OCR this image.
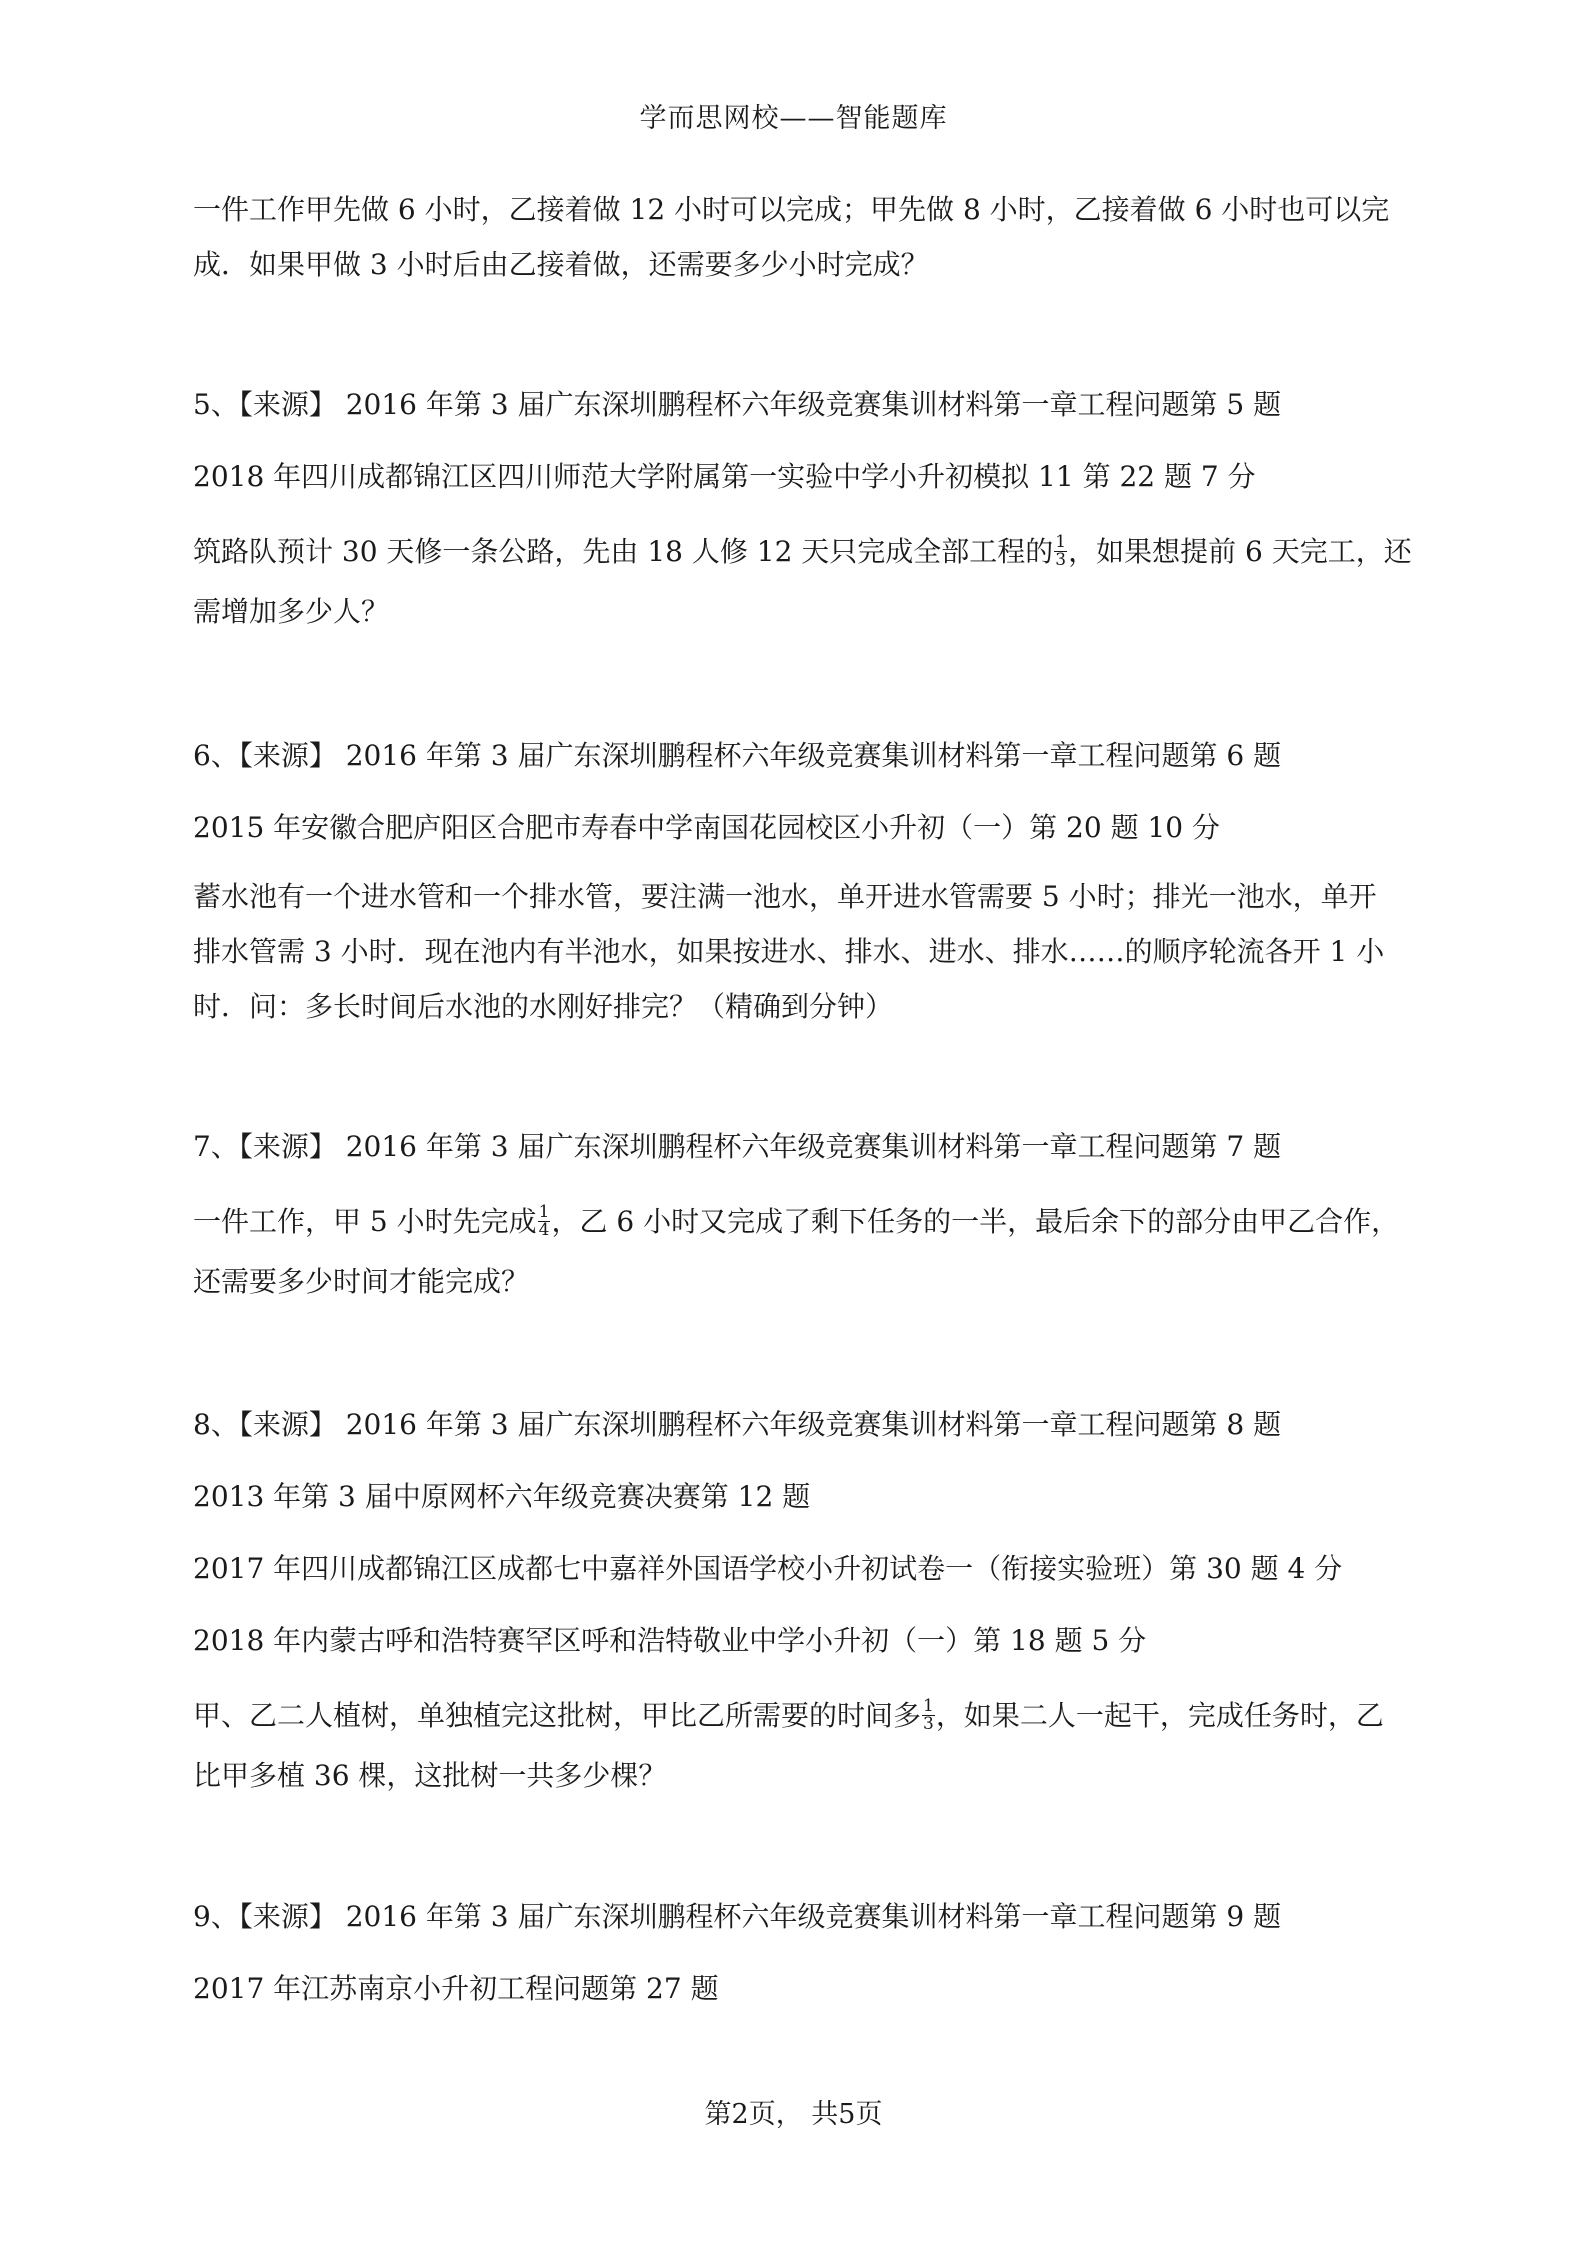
学而思网校——智能题库
一件工作甲先做 6 小时，乙接着做 12 小时可以完成；甲先做 8 小时，乙接着做 6 小时也可以完
成．如果甲做 3 小时后由乙接着做，还需要多少小时完成？
5、【来源】 2016 年第 3 届广东深圳鹏程杯六年级竞赛集训材料第一章工程问题第 5 题
2018 年四川成都锦江区四川师范大学附属第一实验中学小升初模拟 11 第 22 题 7 分
筑路队预计 30 天修一条公路，先由 18 人修 12 天只完成全部工程的 $\frac{1}{3}$ ，如果想提前 6 天完工，还
需增加多少人？
6、【来源】 2016 年第 3 届广东深圳鹏程杯六年级竞赛集训材料第一章工程问题第 6 题
2015 年安徽合肥庐阳区合肥市寿春中学南国花园校区小升初（一）第 20 题 10 分
蓄水池有一个进水管和一个排水管，要注满一池水，单开进水管需要 5 小时；排光一池水，单开
排水管需 3 小时．现在池内有半池水，如果按进水、排水、进水、排水……的顺序轮流各开 1 小
时．问：多长时间后水池的水刚好排完？（精确到分钟）
7、【来源】 2016 年第 3 届广东深圳鹏程杯六年级竞赛集训材料第一章工程问题第 7 题
一件工作，甲 5 小时先完成 $\frac{1}{4}$ ，乙 6 小时又完成了剩下任务的一半，最后余下的部分由甲乙合作，
还需要多少时间才能完成？
8、【来源】 2016 年第 3 届广东深圳鹏程杯六年级竞赛集训材料第一章工程问题第 8 题
2013 年第 3 届中原网杯六年级竞赛决赛第 12 题
2017 年四川成都锦江区成都七中嘉祥外国语学校小升初试卷一（衔接实验班）第 30 题 4 分
2018 年内蒙古呼和浩特赛罕区呼和浩特敬业中学小升初（一）第 18 题 5 分
甲、乙二人植树，单独植完这批树，甲比乙所需要的时间多 $\frac{1}{3}$ ，如果二人一起干，完成任务时，乙
比甲多植 36 棵，这批树一共多少棵？
9、【来源】 2016 年第 3 届广东深圳鹏程杯六年级竞赛集训材料第一章工程问题第 9 题
2017 年江苏南京小升初工程问题第 27 题
第2页， 共5页
